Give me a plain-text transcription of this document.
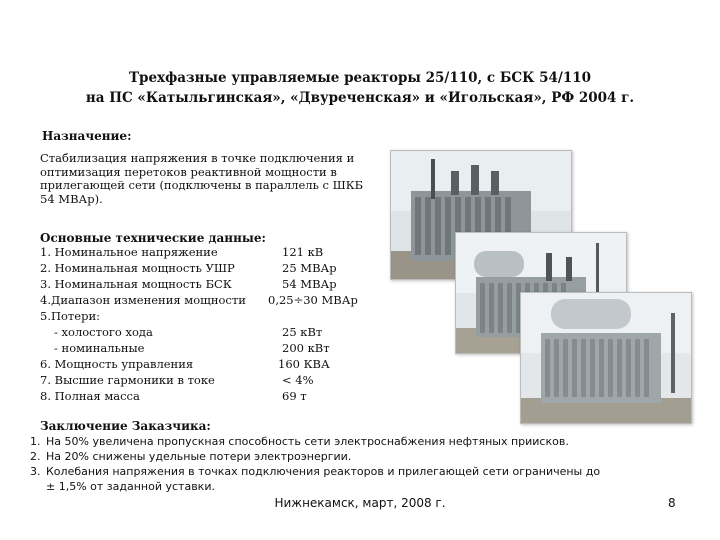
Трехфазные управляемые реакторы 25/110, с БСК 54/110
на ПС «Катыльгинская», «Двуреченская» и «Игольская», РФ 2004 г.
Назначение:
Стабилизация напряжения в точке подключения и
оптимизация перетоков реактивной мощности в
прилегающей сети (подключены в параллель с ШКБ
54 МВАр).
Основные технические данные:
1. Номинальное напряжение	121 кВ
2. Номинальная мощность УШР	25 МВАр
3. Номинальная мощность БСК	54 МВАр
4.Диапазон изменения мощности 0,25÷30 МВАр
5.Потери:
- холостого хода	25 кВт
- номинальные	200 кВт
6. Мощность управления	160 КВА
7. Высшие гармоники в токе	< 4%
8. Полная масса	69 т
Заключение Заказчика:
1. На 50% увеличена пропускная способность сети электроснабжения нефтяных приисков.
2. На 20% снижены удельные потери электроэнергии.
3. Колебания напряжения в точках подключения реакторов и прилегающей сети ограничены до
± 1,5% от заданной уставки.
Нижнекамск, март, 2008 г.	8
